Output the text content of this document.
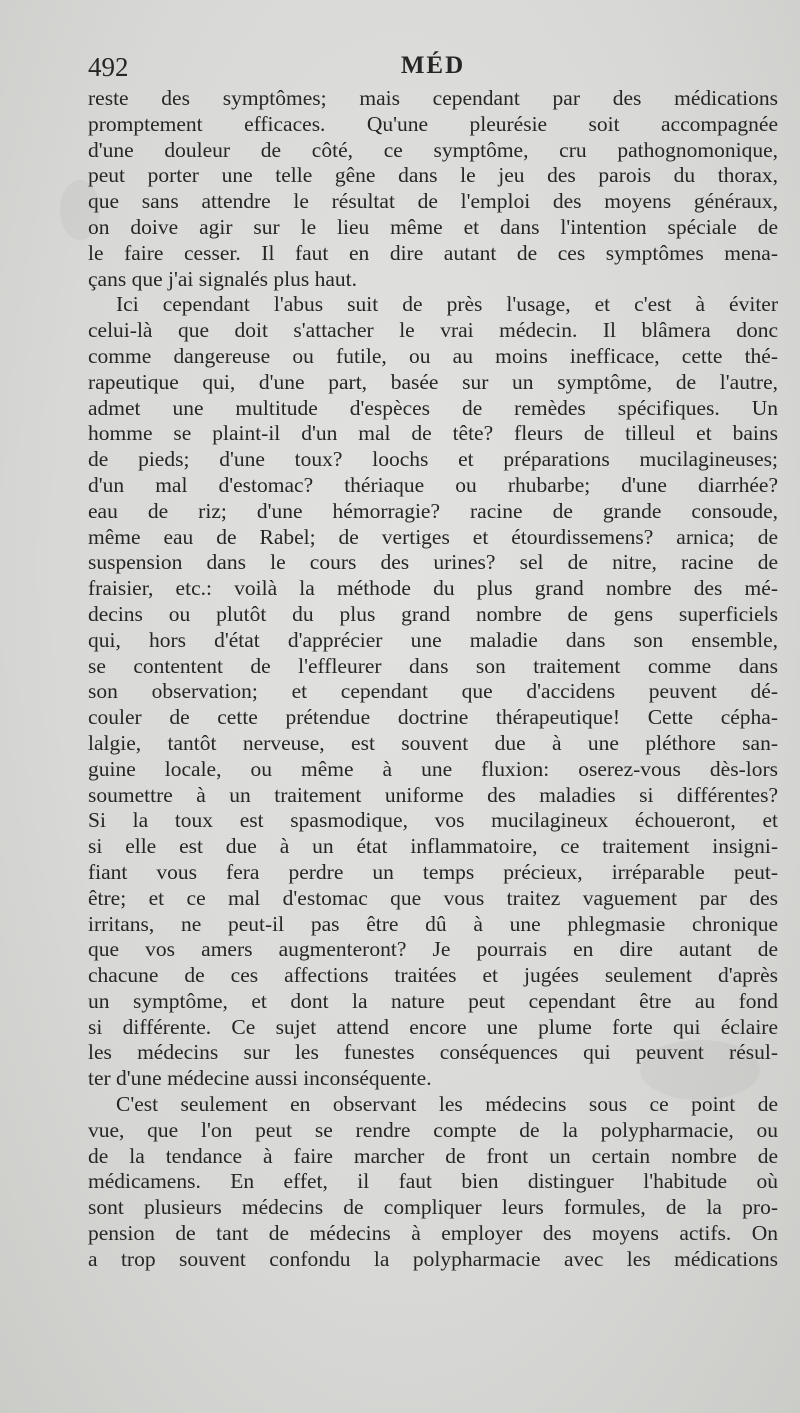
492	MÉD
reste des symptômes; mais cependant par des médications
promptement efficaces. Qu'une pleurésie soit accompagnée
d'une douleur de côté, ce symptôme, cru pathognomonique,
peut porter une telle gêne dans le jeu des parois du thorax,
que sans attendre le résultat de l'emploi des moyens généraux,
on doive agir sur le lieu même et dans l'intention spéciale de
le faire cesser. Il faut en dire autant de ces symptômes mena-
çans que j'ai signalés plus haut.
Ici cependant l'abus suit de près l'usage, et c'est à éviter
celui-là que doit s'attacher le vrai médecin. Il blâmera donc
comme dangereuse ou futile, ou au moins inefficace, cette thé-
rapeutique qui, d'une part, basée sur un symptôme, de l'autre,
admet une multitude d'espèces de remèdes spécifiques. Un
homme se plaint-il d'un mal de tête? fleurs de tilleul et bains
de pieds; d'une toux? loochs et préparations mucilagineuses;
d'un mal d'estomac? thériaque ou rhubarbe; d'une diarrhée?
eau de riz; d'une hémorragie? racine de grande consoude,
même eau de Rabel; de vertiges et étourdissemens? arnica; de
suspension dans le cours des urines? sel de nitre, racine de
fraisier, etc.: voilà la méthode du plus grand nombre des mé-
decins ou plutôt du plus grand nombre de gens superficiels
qui, hors d'état d'apprécier une maladie dans son ensemble,
se contentent de l'effleurer dans son traitement comme dans
son observation; et cependant que d'accidens peuvent dé-
couler de cette prétendue doctrine thérapeutique! Cette cépha-
lalgie, tantôt nerveuse, est souvent due à une pléthore san-
guine locale, ou même à une fluxion: oserez-vous dès-lors
soumettre à un traitement uniforme des maladies si différentes?
Si la toux est spasmodique, vos mucilagineux échoueront, et
si elle est due à un état inflammatoire, ce traitement insigni-
fiant vous fera perdre un temps précieux, irréparable peut-
être; et ce mal d'estomac que vous traitez vaguement par des
irritans, ne peut-il pas être dû à une phlegmasie chronique
que vos amers augmenteront? Je pourrais en dire autant de
chacune de ces affections traitées et jugées seulement d'après
un symptôme, et dont la nature peut cependant être au fond
si différente. Ce sujet attend encore une plume forte qui éclaire
les médecins sur les funestes conséquences qui peuvent résul-
ter d'une médecine aussi inconséquente.
C'est seulement en observant les médecins sous ce point de
vue, que l'on peut se rendre compte de la polypharmacie, ou
de la tendance à faire marcher de front un certain nombre de
médicamens. En effet, il faut bien distinguer l'habitude où
sont plusieurs médecins de compliquer leurs formules, de la pro-
pension de tant de médecins à employer des moyens actifs. On
a trop souvent confondu la polypharmacie avec les médications
